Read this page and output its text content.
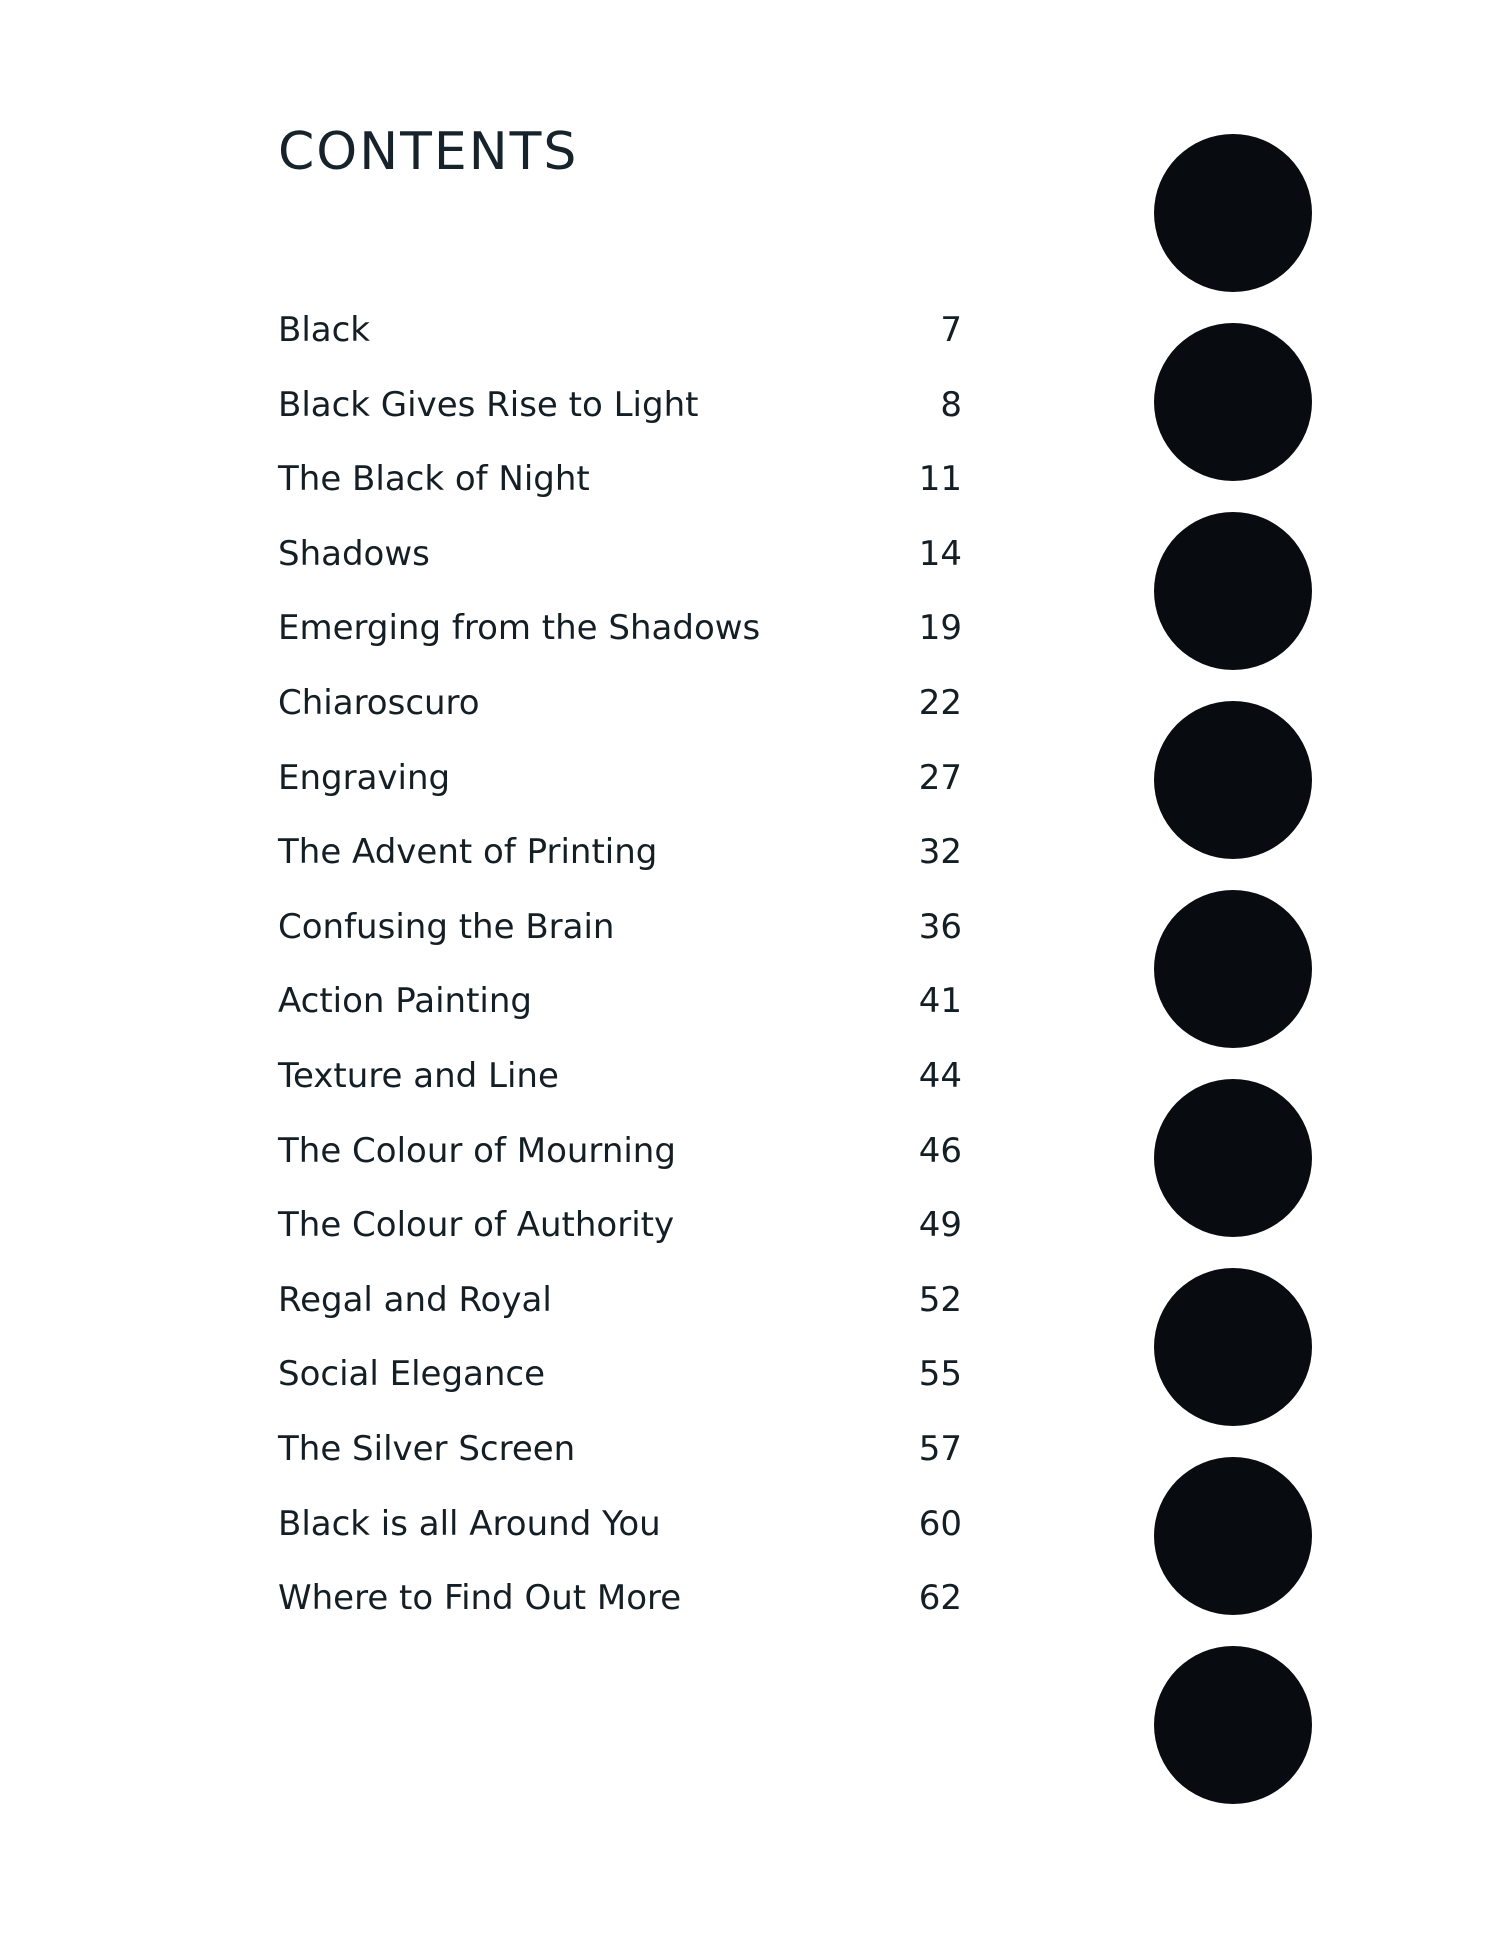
CONTENTS
Black	7
Black Gives Rise to Light	8
The Black of Night	11
Shadows	14
Emerging from the Shadows	19
Chiaroscuro	22
Engraving	27
The Advent of Printing	32
Confusing the Brain	36
Action Painting	41
Texture and Line	44
The Colour of Mourning	46
The Colour of Authority	49
Regal and Royal	52
Social Elegance	55
The Silver Screen	57
Black is all Around You	60
Where to Find Out More	62
